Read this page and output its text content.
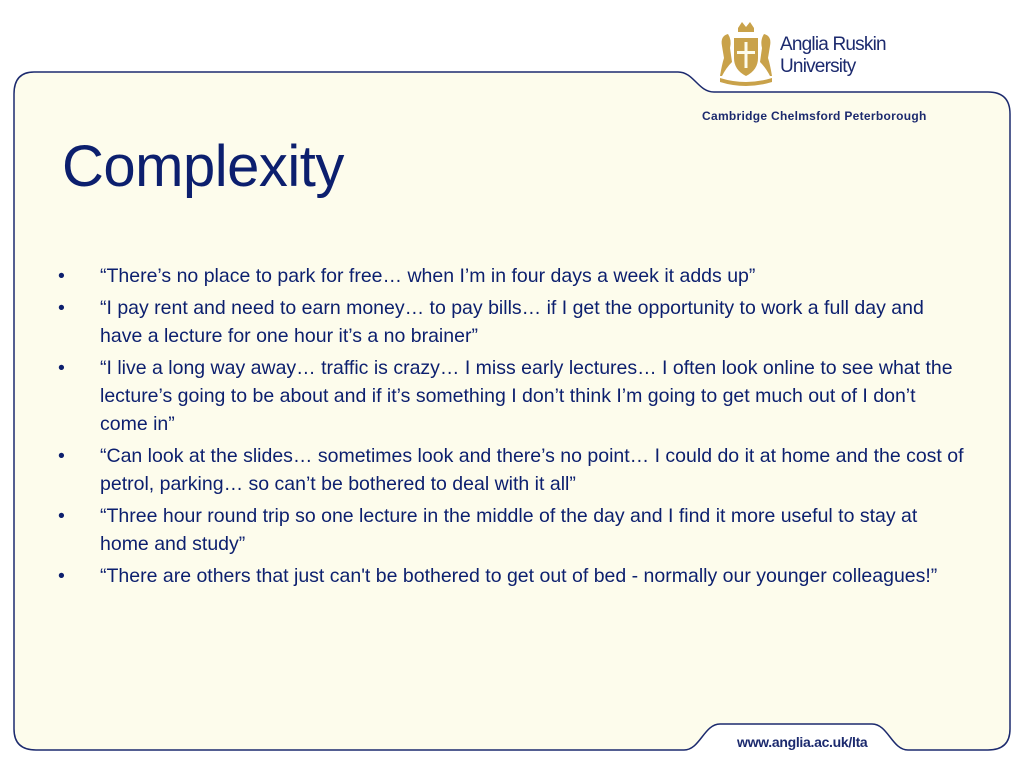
Anglia Ruskin
University
Cambridge Chelmsford Peterborough
Complexity
•	“There’s no place to park for free… when I’m in four days a week it adds up”
•	“I pay rent and need to earn money… to pay bills… if I get the opportunity to work a full day and have a lecture for one hour it’s a no brainer”
•	“I live a long way away… traffic is crazy… I miss early lectures… I often look online to see what the lecture’s going to be about and if it’s something I don’t think I’m going to get much out of I don’t come in”
•	“Can look at the slides… sometimes look and there’s no point… I could do it at home and the cost of petrol, parking… so can’t be bothered to deal with it all”
•	“Three hour round trip so one lecture in the middle of the day and I find it more useful to stay at home and study”
•	“There are others that just can't be bothered to get out of bed - normally our younger colleagues!”
www.anglia.ac.uk/lta
